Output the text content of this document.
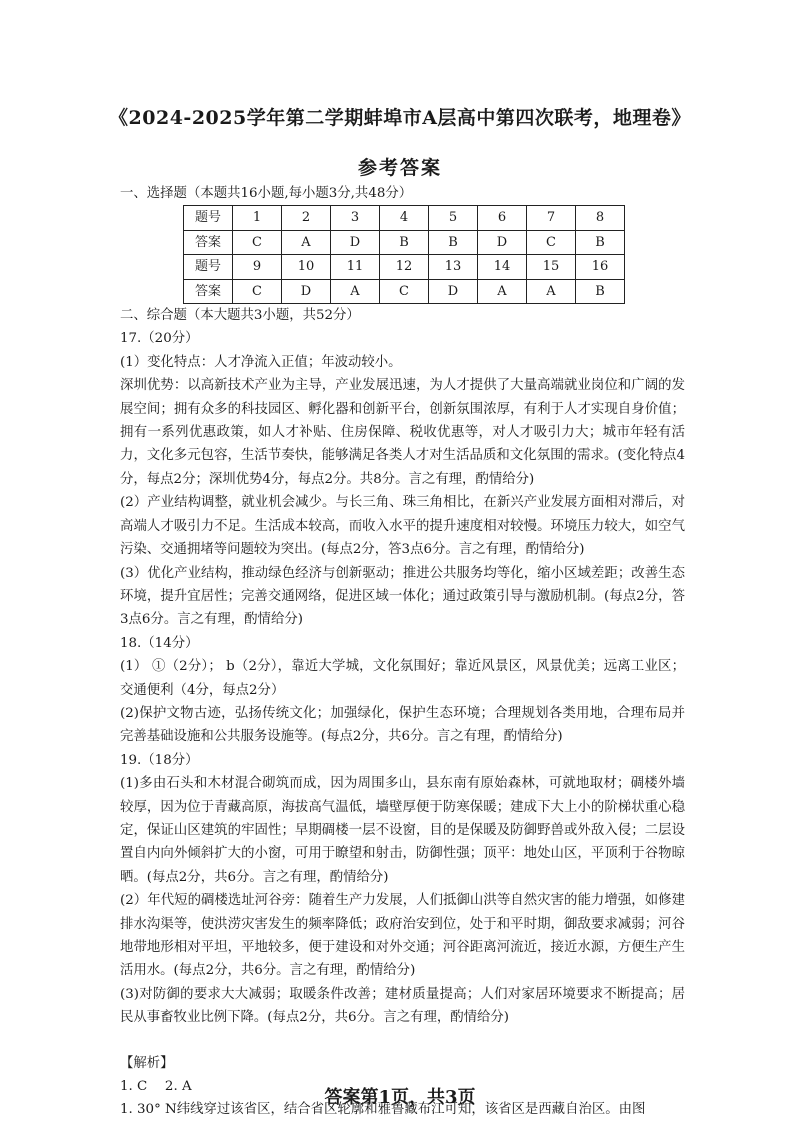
《2024-2025学年第二学期蚌埠市A层高中第四次联考，地理卷》
参考答案
一、选择题（本题共16小题,每小题3分,共48分）
题号	1	2	3	4	5	6	7	8
答案	C	A	D	B	B	D	C	B
题号	9	10	11	12	13	14	15	16
答案	C	D	A	C	D	A	A	B
二、综合题（本大题共3小题，共52分）
17.（20分）
(1）变化特点：人才净流入正值；年波动较小。
深圳优势：以高新技术产业为主导，产业发展迅速，为人才提供了大量高端就业岗位和广阔的发展空间；拥有众多的科技园区、孵化器和创新平台，创新氛围浓厚，有利于人才实现自身价值；拥有一系列优惠政策，如人才补贴、住房保障、税收优惠等，对人才吸引力大；城市年轻有活力，文化多元包容，生活节奏快，能够满足各类人才对生活品质和文化氛围的需求。(变化特点4分，每点2分；深圳优势4分，每点2分。共8分。言之有理，酌情给分)
(2）产业结构调整，就业机会减少。与长三角、珠三角相比，在新兴产业发展方面相对滞后，对高端人才吸引力不足。生活成本较高，而收入水平的提升速度相对较慢。环境压力较大，如空气污染、交通拥堵等问题较为突出。(每点2分，答3点6分。言之有理，酌情给分)
(3）优化产业结构，推动绿色经济与创新驱动；推进公共服务均等化，缩小区域差距；改善生态环境，提升宜居性；完善交通网络，促进区域一体化；通过政策引导与激励机制。(每点2分，答3点6分。言之有理，酌情给分)
18.（14分）
(1） ①（2分）； b（2分），靠近大学城，文化氛围好；靠近风景区，风景优美；远离工业区；交通便利（4分，每点2分）
(2)保护文物古迹，弘扬传统文化；加强绿化，保护生态环境；合理规划各类用地，合理布局并完善基础设施和公共服务设施等。(每点2分，共6分。言之有理，酌情给分)
19.（18分）
(1)多由石头和木材混合砌筑而成，因为周围多山，县东南有原始森林，可就地取材；碉楼外墙较厚，因为位于青藏高原，海拔高气温低，墙壁厚便于防寒保暖；建成下大上小的阶梯状重心稳定，保证山区建筑的牢固性；早期碉楼一层不设窗，目的是保暖及防御野兽或外敌入侵；二层设置自内向外倾斜扩大的小窗，可用于瞭望和射击，防御性强；顶平：地处山区，平顶利于谷物晾晒。(每点2分，共6分。言之有理，酌情给分)
(2）年代短的碉楼选址河谷旁：随着生产力发展，人们抵御山洪等自然灾害的能力增强，如修建排水沟渠等，使洪涝灾害发生的频率降低；政府治安到位，处于和平时期，御敌要求减弱；河谷地带地形相对平坦，平地较多，便于建设和对外交通；河谷距离河流近，接近水源，方便生产生活用水。(每点2分，共6分。言之有理，酌情给分)
(3)对防御的要求大大减弱；取暖条件改善；建材质量提高；人们对家居环境要求不断提高；居民从事畜牧业比例下降。(每点2分，共6分。言之有理，酌情给分)
【解析】
1. C　 2. A
1. 30° N纬线穿过该省区，结合省区轮廓和雅鲁藏布江可知，该省区是西藏自治区。由图
答案第1页，共3页
